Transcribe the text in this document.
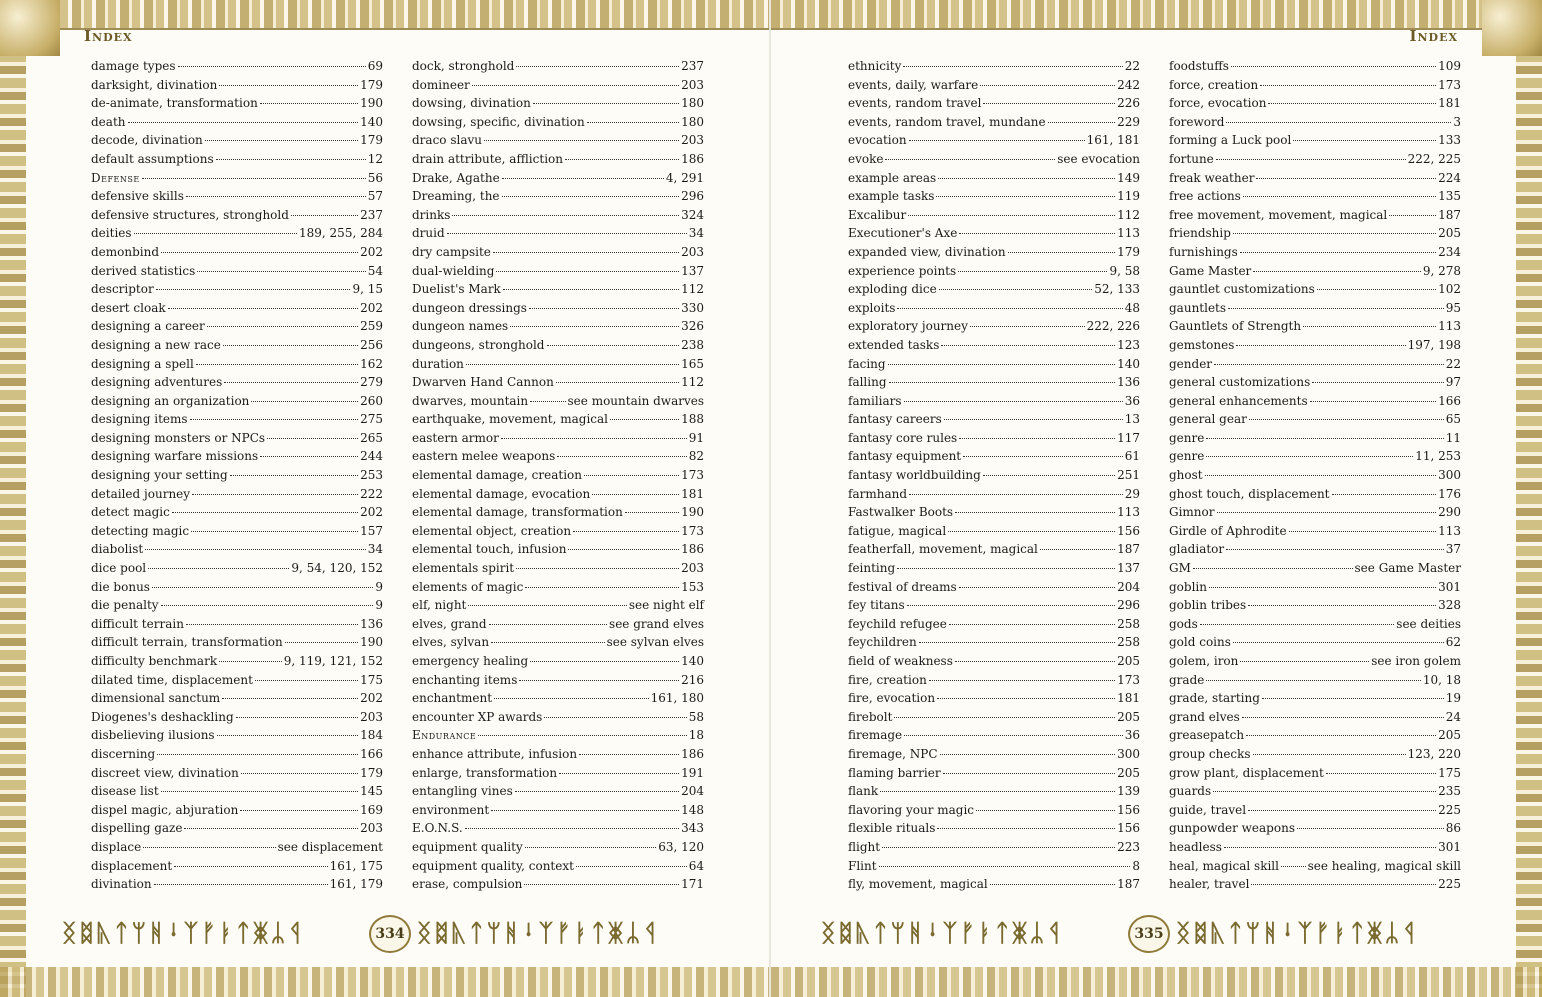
Index
damage types	69
darksight, divination	179
de-animate, transformation	190
death	140
decode, divination	179
default assumptions	12
Defense	56
defensive skills	57
defensive structures, stronghold	237
deities	189, 255, 284
demonbind	202
derived statistics	54
descriptor	9, 15
desert cloak	202
designing a career	259
designing a new race	256
designing a spell	162
designing adventures	279
designing an organization	260
designing items	275
designing monsters or NPCs	265
designing warfare missions	244
designing your setting	253
detailed journey	222
detect magic	202
detecting magic	157
diabolist	34
dice pool	9, 54, 120, 152
die bonus	9
die penalty	9
difficult terrain	136
difficult terrain, transformation	190
difficulty benchmark	9, 119, 121, 152
dilated time, displacement	175
dimensional sanctum	202
Diogenes's deshackling	203
disbelieving ilusions	184
discerning	166
discreet view, divination	179
disease list	145
dispel magic, abjuration	169
dispelling gaze	203
displace	see displacement
displacement	161, 175
divination	161, 179
dock, stronghold	237
domineer	203
dowsing, divination	180
dowsing, specific, divination	180
draco slavu	203
drain attribute, affliction	186
Drake, Agathe	4, 291
Dreaming, the	296
drinks	324
druid	34
dry campsite	203
dual-wielding	137
Duelist's Mark	112
dungeon dressings	330
dungeon names	326
dungeons, stronghold	238
duration	165
Dwarven Hand Cannon	112
dwarves, mountain	see mountain dwarves
earthquake, movement, magical	188
eastern armor	91
eastern melee weapons	82
elemental damage, creation	173
elemental damage, evocation	181
elemental damage, transformation	190
elemental object, creation	173
elemental touch, infusion	186
elementals spirit	203
elements of magic	153
elf, night	see night elf
elves, grand	see grand elves
elves, sylvan	see sylvan elves
emergency healing	140
enchanting items	216
enchantment	161, 180
encounter XP awards	58
Endurance	18
enhance attribute, infusion	186
enlarge, transformation	191
entangling vines	204
environment	148
E.O.N.S.	343
equipment quality	63, 120
equipment quality, context	64
erase, compulsion	171
ᛝᛥᚣᛏᛘᚻᛍᛉᚠᛓᛏᛤᛦᛩ	334 ᛝᛥᚣᛏᛘᚻᛍᛉᚠᛓᛏᛤᛦᛩ
Index
ethnicity	22
events, daily, warfare	242
events, random travel	226
events, random travel, mundane	229
evocation	161, 181
evoke	see evocation
example areas	149
example tasks	119
Excalibur	112
Executioner's Axe	113
expanded view, divination	179
experience points	9, 58
exploding dice	52, 133
exploits	48
exploratory journey	222, 226
extended tasks	123
facing	140
falling	136
familiars	36
fantasy careers	13
fantasy core rules	117
fantasy equipment	61
fantasy worldbuilding	251
farmhand	29
Fastwalker Boots	113
fatigue, magical	156
featherfall, movement, magical	187
feinting	137
festival of dreams	204
fey titans	296
feychild refugee	258
feychildren	258
field of weakness	205
fire, creation	173
fire, evocation	181
firebolt	205
firemage	36
firemage, NPC	300
flaming barrier	205
flank	139
flavoring your magic	156
flexible rituals	156
flight	223
Flint	8
fly, movement, magical	187
foodstuffs	109
force, creation	173
force, evocation	181
foreword	3
forming a Luck pool	133
fortune	222, 225
freak weather	224
free actions	135
free movement, movement, magical	187
friendship	205
furnishings	234
Game Master	9, 278
gauntlet customizations	102
gauntlets	95
Gauntlets of Strength	113
gemstones	197, 198
gender	22
general customizations	97
general enhancements	166
general gear	65
genre	11
genre	11, 253
ghost	300
ghost touch, displacement	176
Gimnor	290
Girdle of Aphrodite	113
gladiator	37
GM	see Game Master
goblin	301
goblin tribes	328
gods	see deities
gold coins	62
golem, iron	see iron golem
grade	10, 18
grade, starting	19
grand elves	24
greasepatch	205
group checks	123, 220
grow plant, displacement	175
guards	235
guide, travel	225
gunpowder weapons	86
headless	301
heal, magical skill see healing, magical skill
healer, travel	225
ᛝᛥᚣᛏᛘᚻᛍᛉᚠᛓᛏᛤᛦᛩ	335 ᛝᛥᚣᛏᛘᚻᛍᛉᚠᛓᛏᛤᛦᛩ
